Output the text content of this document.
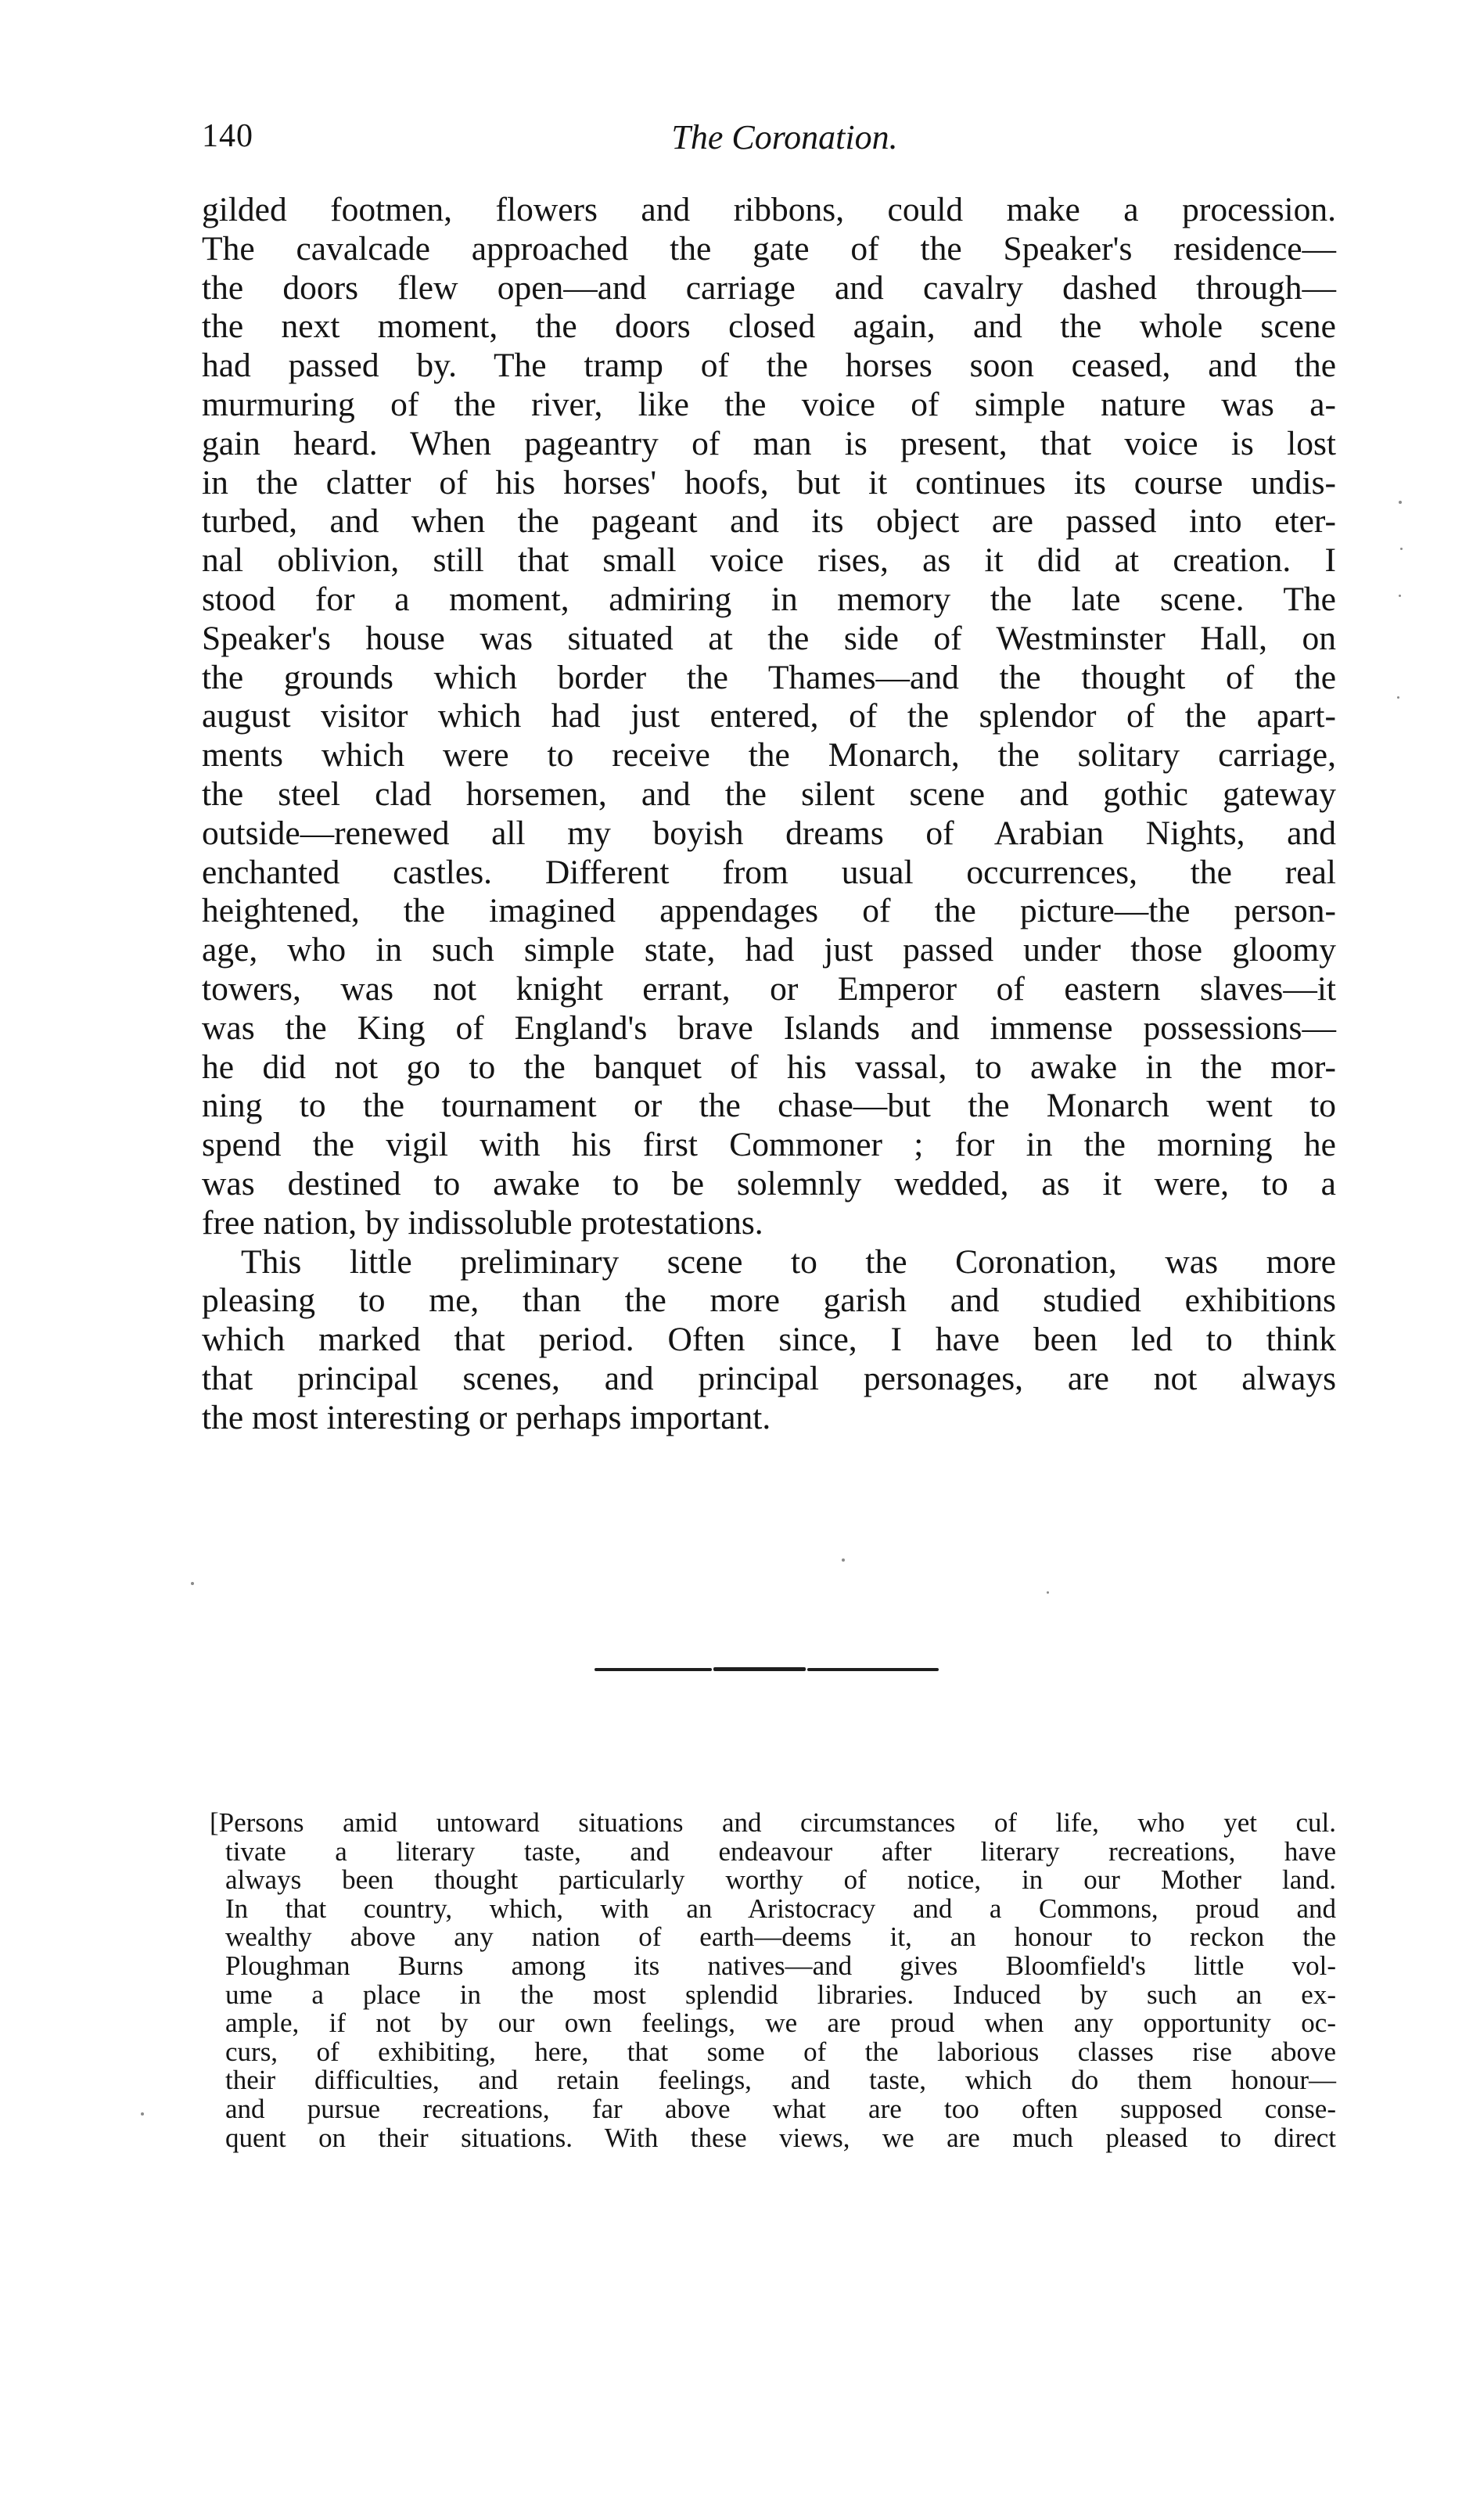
The Coronation.
140

gilded footmen, flowers and ribbons, could make a procession.
The cavalcade approached the gate of the Speaker's residence—
the doors flew open—and carriage and cavalry dashed through—
the next moment, the doors closed again, and the whole scene
had passed by. The tramp of the horses soon ceased, and the
murmuring of the river, like the voice of simple nature was a-
gain heard. When pageantry of man is present, that voice is lost
in the clatter of his horses' hoofs, but it continues its course undis-
turbed, and when the pageant and its object are passed into eter-
nal oblivion, still that small voice rises, as it did at creation. I
stood for a moment, admiring in memory the late scene. The
Speaker's house was situated at the side of Westminster Hall, on
the grounds which border the Thames—and the thought of the
august visitor which had just entered, of the splendor of the apart-
ments which were to receive the Monarch, the solitary carriage,
the steel clad horsemen, and the silent scene and gothic gateway
outside—renewed all my boyish dreams of Arabian Nights, and
enchanted castles. Different from usual occurrences, the real
heightened, the imagined appendages of the picture—the person-
age, who in such simple state, had just passed under those gloomy
towers, was not knight errant, or Emperor of eastern slaves—it
was the King of England's brave Islands and immense possessions—
he did not go to the banquet of his vassal, to awake in the mor-
ning to the tournament or the chase—but the Monarch went to
spend the vigil with his first Commoner ; for in the morning he
was destined to awake to be solemnly wedded, as it were, to a
free nation, by indissoluble protestations.

This little preliminary scene to the Coronation, was more
pleasing to me, than the more garish and studied exhibitions
which marked that period. Often since, I have been led to think
that principal scenes, and principal personages, are not always
the most interesting or perhaps important.

[Persons amid untoward situations and circumstances of life, who yet cul.
tivate a literary taste, and endeavour after literary recreations, have
always been thought particularly worthy of notice, in our Mother land.
In that country, which, with an Aristocracy and a Commons, proud and
wealthy above any nation of earth—deems it, an honour to reckon the
Ploughman Burns among its natives—and gives Bloomfield's little vol-
ume a place in the most splendid libraries. Induced by such an ex-
ample, if not by our own feelings, we are proud when any opportunity oc-
curs, of exhibiting, here, that some of the laborious classes rise above
their difficulties, and retain feelings, and taste, which do them honour—
and pursue recreations, far above what are too often supposed conse-
quent on their situations. With these views, we are much pleased to direct
